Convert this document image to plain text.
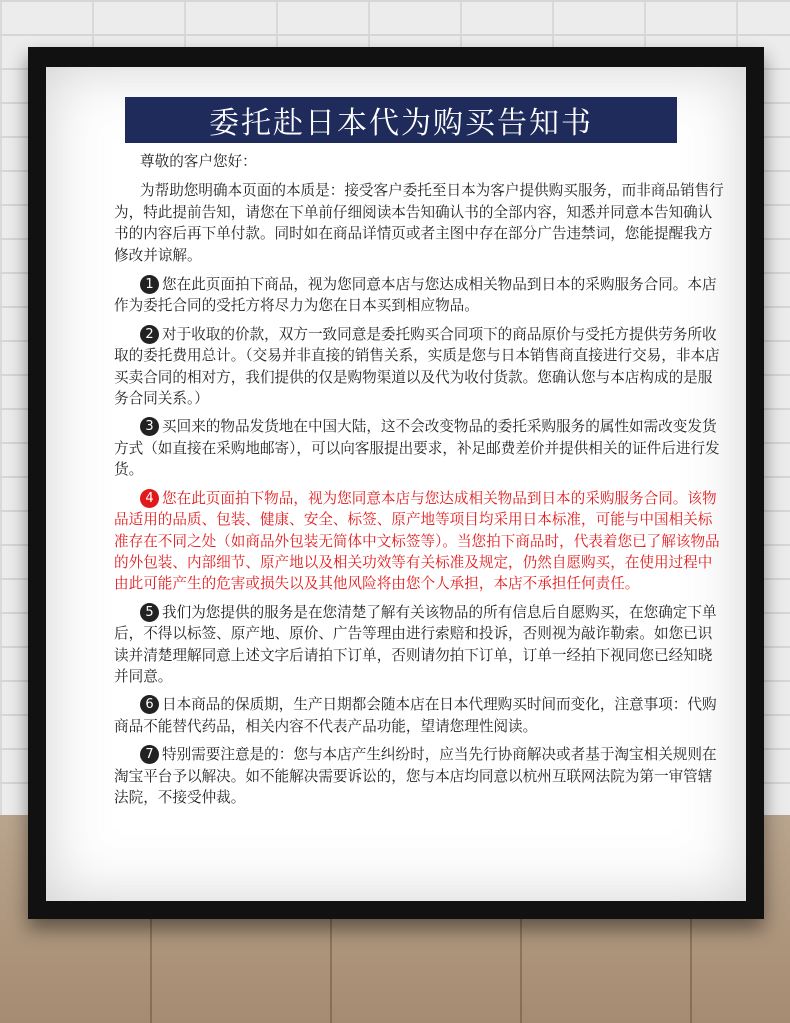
委托赴日本代为购买告知书

尊敬的客户您好：

为帮助您明确本页面的本质是：接受客户委托至日本为客户提供购买服务，而非商品销售行为，特此提前告知，请您在下单前仔细阅读本告知确认书的全部内容，知悉并同意本告知确认书的内容后再下单付款。同时如在商品详情页或者主图中存在部分广告违禁词，您能提醒我方修改并谅解。

1 您在此页面拍下商品，视为您同意本店与您达成相关物品到日本的采购服务合同。本店作为委托合同的受托方将尽力为您在日本买到相应物品。

2 对于收取的价款，双方一致同意是委托购买合同项下的商品原价与受托方提供劳务所收取的委托费用总计。（交易并非直接的销售关系，实质是您与日本销售商直接进行交易，非本店买卖合同的相对方，我们提供的仅是购物渠道以及代为收付货款。您确认您与本店构成的是服务合同关系。）

3 买回来的物品发货地在中国大陆，这不会改变物品的委托采购服务的属性如需改变发货方式（如直接在采购地邮寄），可以向客服提出要求，补足邮费差价并提供相关的证件后进行发货。

4 您在此页面拍下物品，视为您同意本店与您达成相关物品到日本的采购服务合同。该物品适用的品质、包装、健康、安全、标签、原产地等项目均采用日本标准，可能与中国相关标准存在不同之处（如商品外包装无简体中文标签等）。当您拍下商品时，代表着您已了解该物品的外包装、内部细节、原产地以及相关功效等有关标准及规定，仍然自愿购买，在使用过程中由此可能产生的危害或损失以及其他风险将由您个人承担，本店不承担任何责任。

5 我们为您提供的服务是在您清楚了解有关该物品的所有信息后自愿购买，在您确定下单后，不得以标签、原产地、原价、广告等理由进行索赔和投诉，否则视为敲诈勒索。如您已识读并清楚理解同意上述文字后请拍下订单，否则请勿拍下订单，订单一经拍下视同您已经知晓并同意。

6 日本商品的保质期，生产日期都会随本店在日本代理购买时间而变化，注意事项：代购商品不能替代药品，相关内容不代表产品功能，望请您理性阅读。

7 特别需要注意是的：您与本店产生纠纷时，应当先行协商解决或者基于淘宝相关规则在淘宝平台予以解决。如不能解决需要诉讼的，您与本店均同意以杭州互联网法院为第一审管辖法院，不接受仲裁。
